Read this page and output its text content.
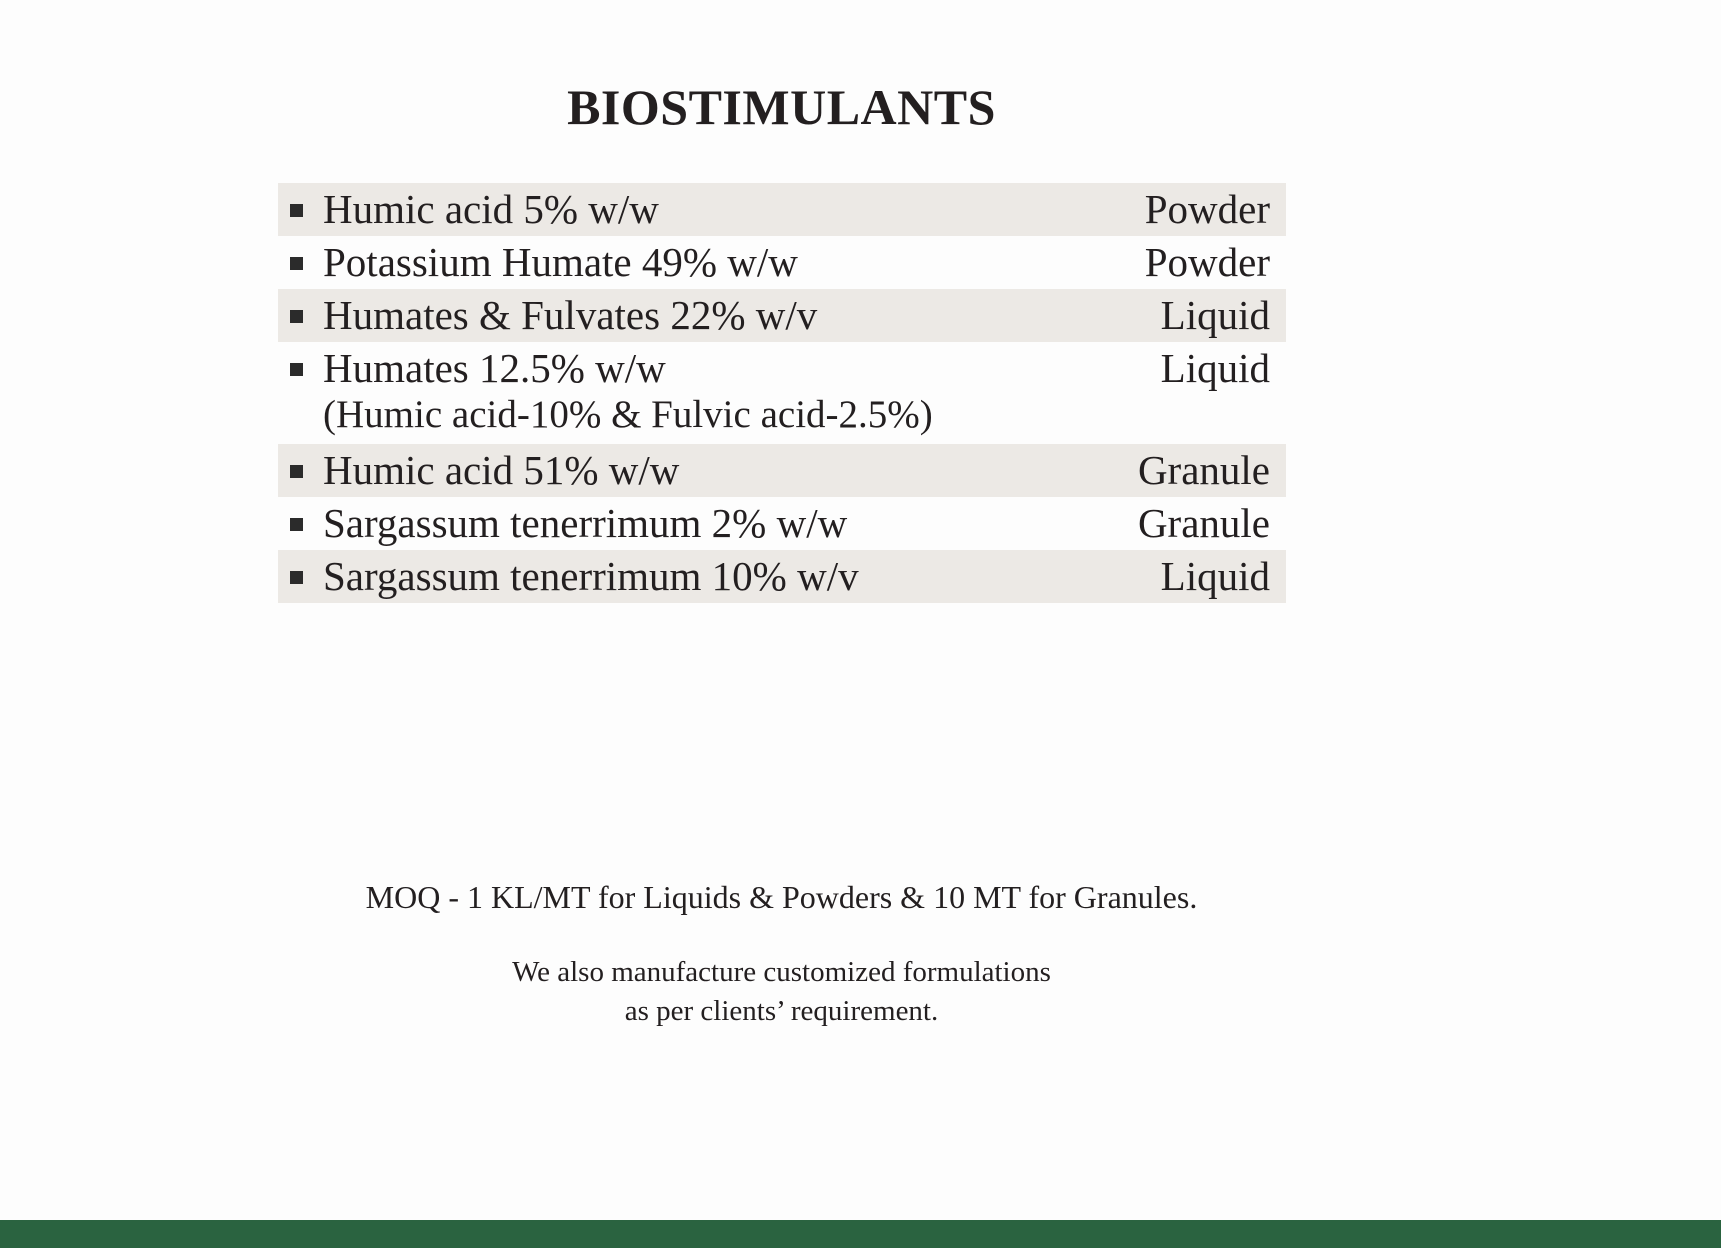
BIOSTIMULANTS
Humic acid 5% w/w	Powder
Potassium Humate 49% w/w	Powder
Humates & Fulvates 22% w/v	Liquid
Humates 12.5% w/w	Liquid
(Humic acid-10% & Fulvic acid-2.5%)
Humic acid 51% w/w	Granule
Sargassum tenerrimum 2% w/w	Granule
Sargassum tenerrimum 10% w/v	Liquid
MOQ - 1 KL/MT for Liquids & Powders & 10 MT for Granules.
We also manufacture customized formulations
as per clients’ requirement.
